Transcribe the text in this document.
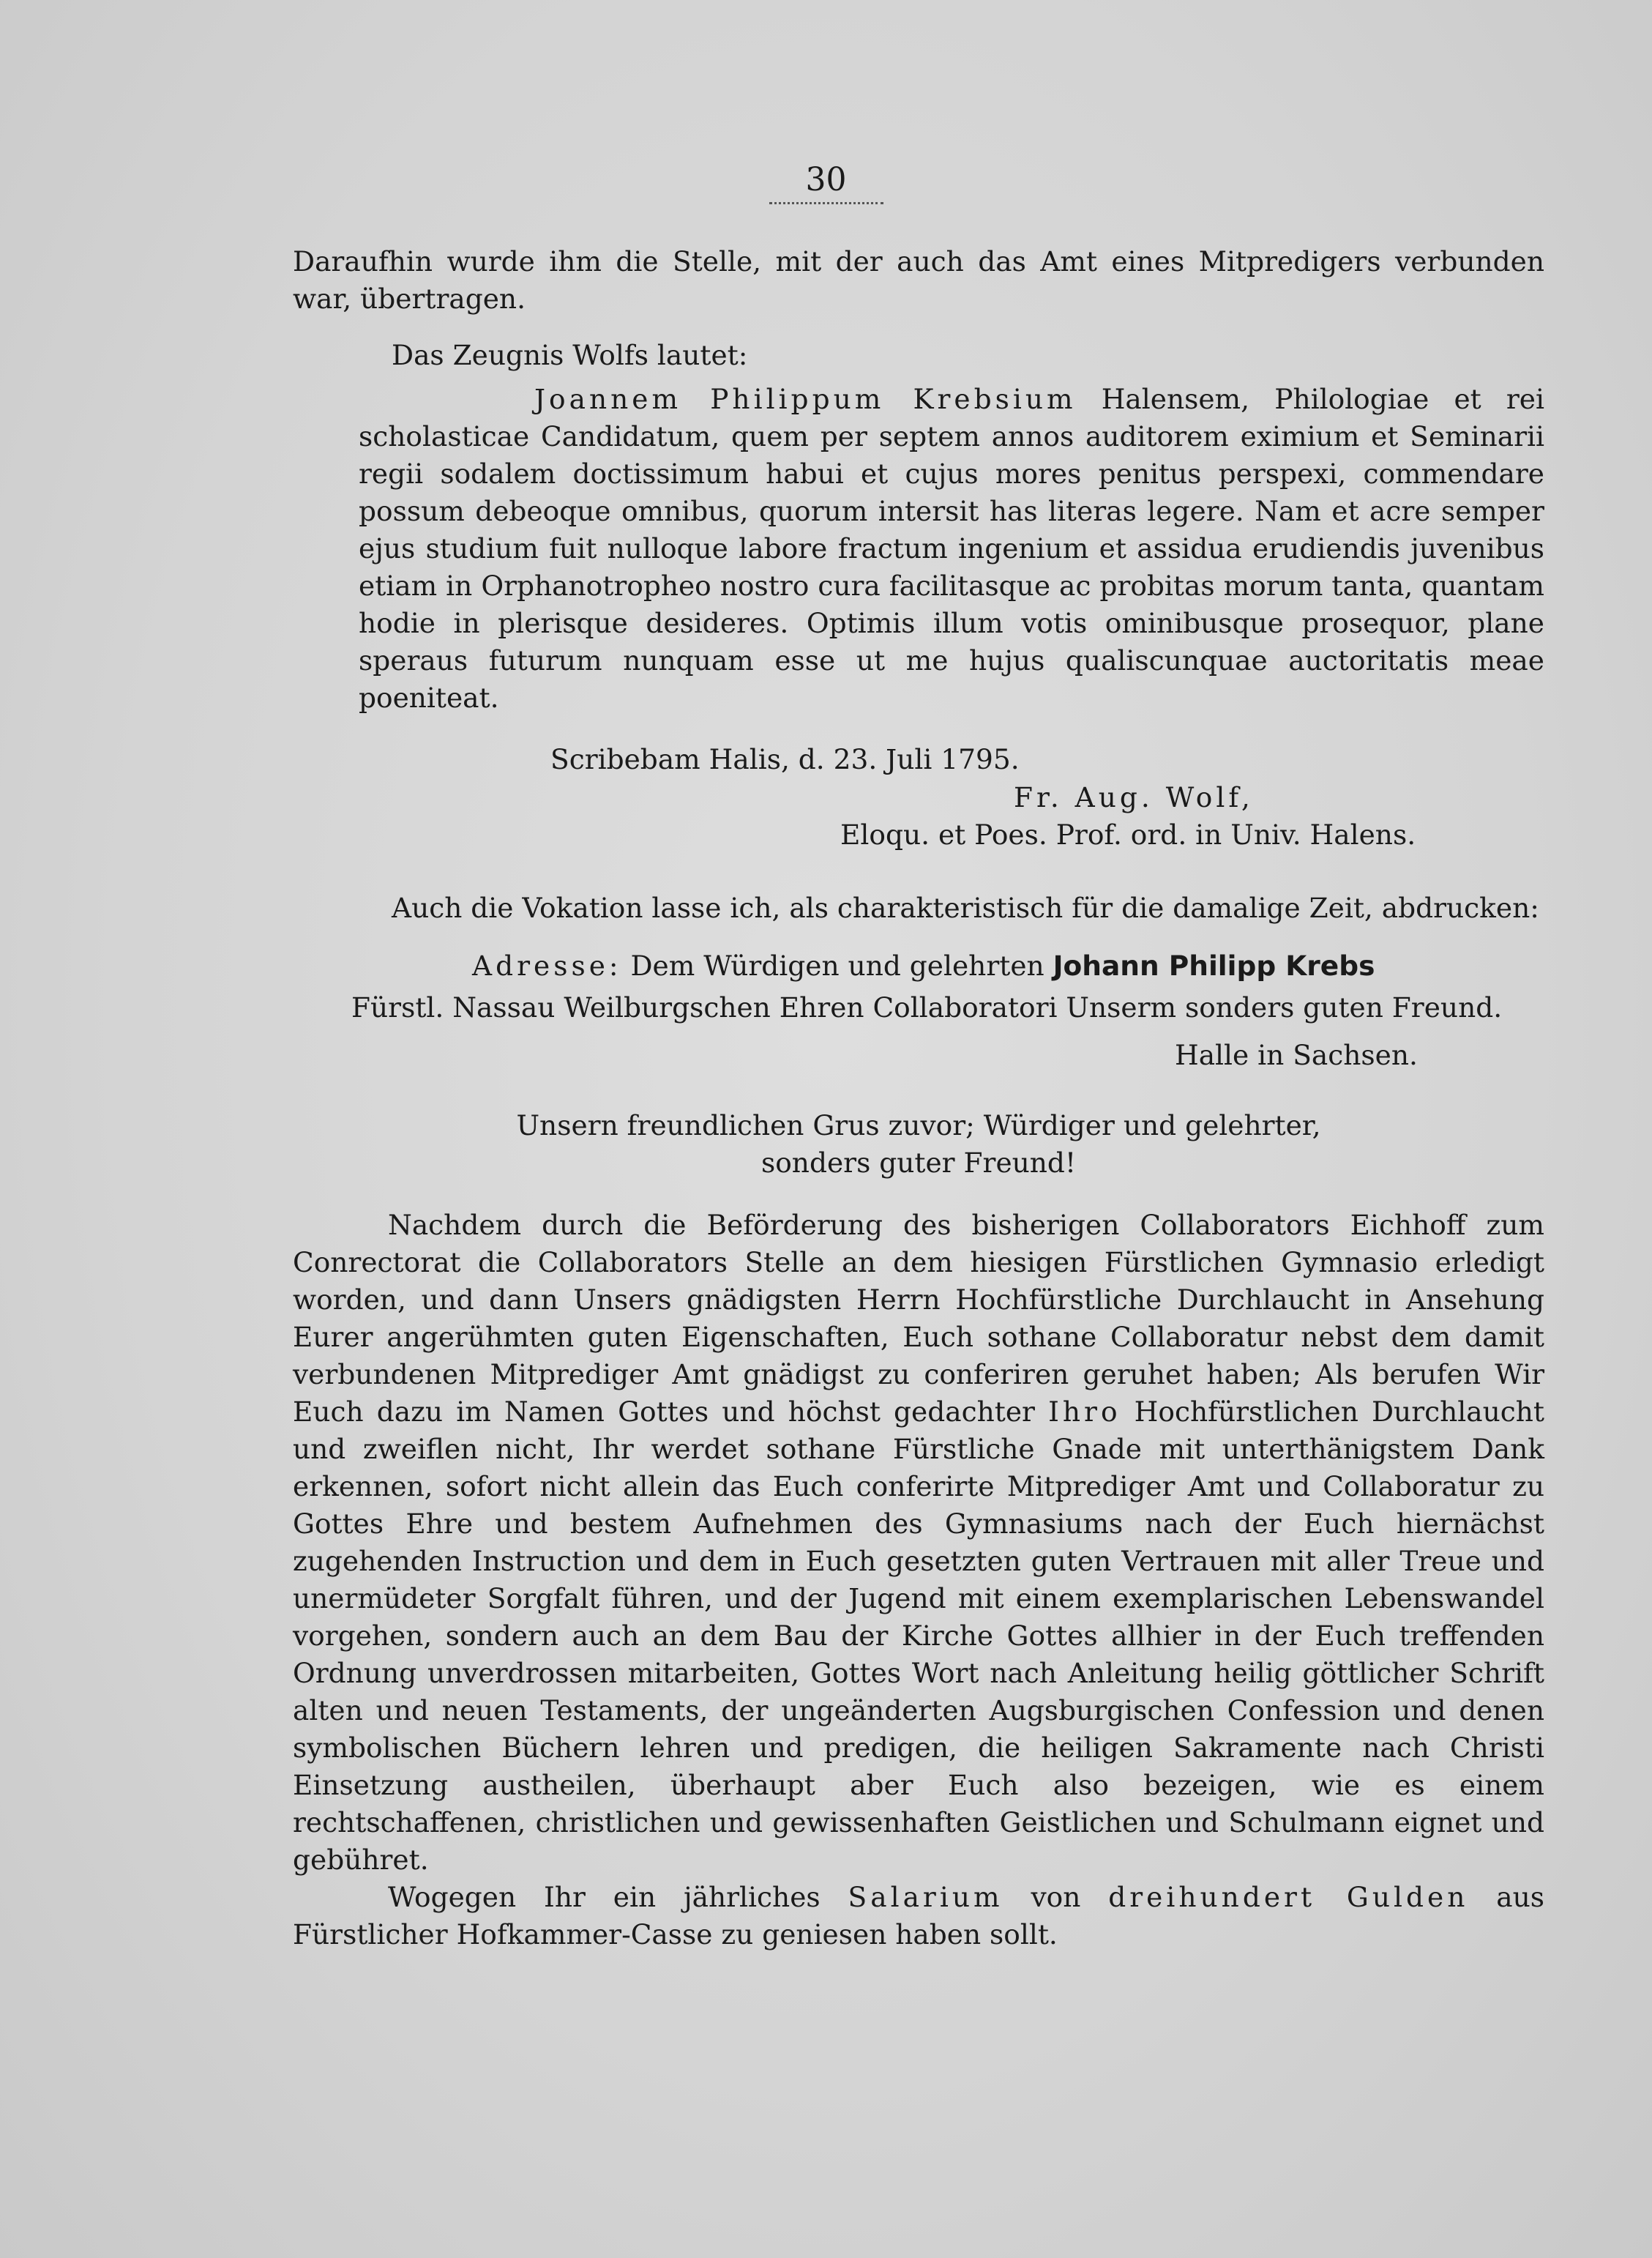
30

Daraufhin wurde ihm die Stelle, mit der auch das Amt eines Mitpredigers verbunden war, übertragen.

Das Zeugnis Wolfs lautet:

Joannem Philippum Krebsium Halensem, Philologiae et rei scholasticae Candidatum, quem per septem annos auditorem eximium et Seminarii regii sodalem doctissimum habui et cujus mores penitus perspexi, commendare possum debeoque omnibus, quorum intersit has literas legere. Nam et acre semper ejus studium fuit nulloque labore fractum ingenium et assidua erudiendis juvenibus etiam in Orphanotropheo nostro cura facilitasque ac probitas morum tanta, quantam hodie in plerisque desideres. Optimis illum votis ominibusque prosequor, plane speraus futurum nunquam esse ut me hujus qualiscunquae auctoritatis meae poeniteat.

Scribebam Halis, d. 23. Juli 1795.
Fr. Aug. Wolf,
Eloqu. et Poes. Prof. ord. in Univ. Halens.

Auch die Vokation lasse ich, als charakteristisch für die damalige Zeit, abdrucken:

Adresse: Dem Würdigen und gelehrten Johann Philipp Krebs
Fürstl. Nassau Weilburgschen Ehren Collaboratori Unserm sonders guten Freund.
Halle in Sachsen.
Unsern freundlichen Grus zuvor; Würdiger und gelehrter,
sonders guter Freund!

Nachdem durch die Beförderung des bisherigen Collaborators Eichhoff zum Conrectorat die Collaborators Stelle an dem hiesigen Fürstlichen Gymnasio erledigt worden, und dann Unsers gnädigsten Herrn Hochfürstliche Durchlaucht in Ansehung Eurer angerühmten guten Eigenschaften, Euch sothane Collaboratur nebst dem damit verbundenen Mitprediger Amt gnädigst zu conferiren geruhet haben; Als berufen Wir Euch dazu im Namen Gottes und höchst gedachter Ihro Hochfürstlichen Durchlaucht und zweiflen nicht, Ihr werdet sothane Fürstliche Gnade mit unterthänigstem Dank erkennen, sofort nicht allein das Euch conferirte Mitprediger Amt und Collaboratur zu Gottes Ehre und bestem Aufnehmen des Gymnasiums nach der Euch hiernächst zugehenden Instruction und dem in Euch gesetzten guten Vertrauen mit aller Treue und unermüdeter Sorgfalt führen, und der Jugend mit einem exemplarischen Lebenswandel vorgehen, sondern auch an dem Bau der Kirche Gottes allhier in der Euch treffenden Ordnung unverdrossen mitarbeiten, Gottes Wort nach Anleitung heilig göttlicher Schrift alten und neuen Testaments, der ungeänderten Augsburgischen Confession und denen symbolischen Büchern lehren und predigen, die heiligen Sakramente nach Christi Einsetzung austheilen, überhaupt aber Euch also bezeigen, wie es einem rechtschaffenen, christlichen und gewissenhaften Geistlichen und Schulmann eignet und gebühret.

Wogegen Ihr ein jährliches Salarium von dreihundert Gulden aus Fürstlicher Hofkammer-Casse zu geniesen haben sollt.
